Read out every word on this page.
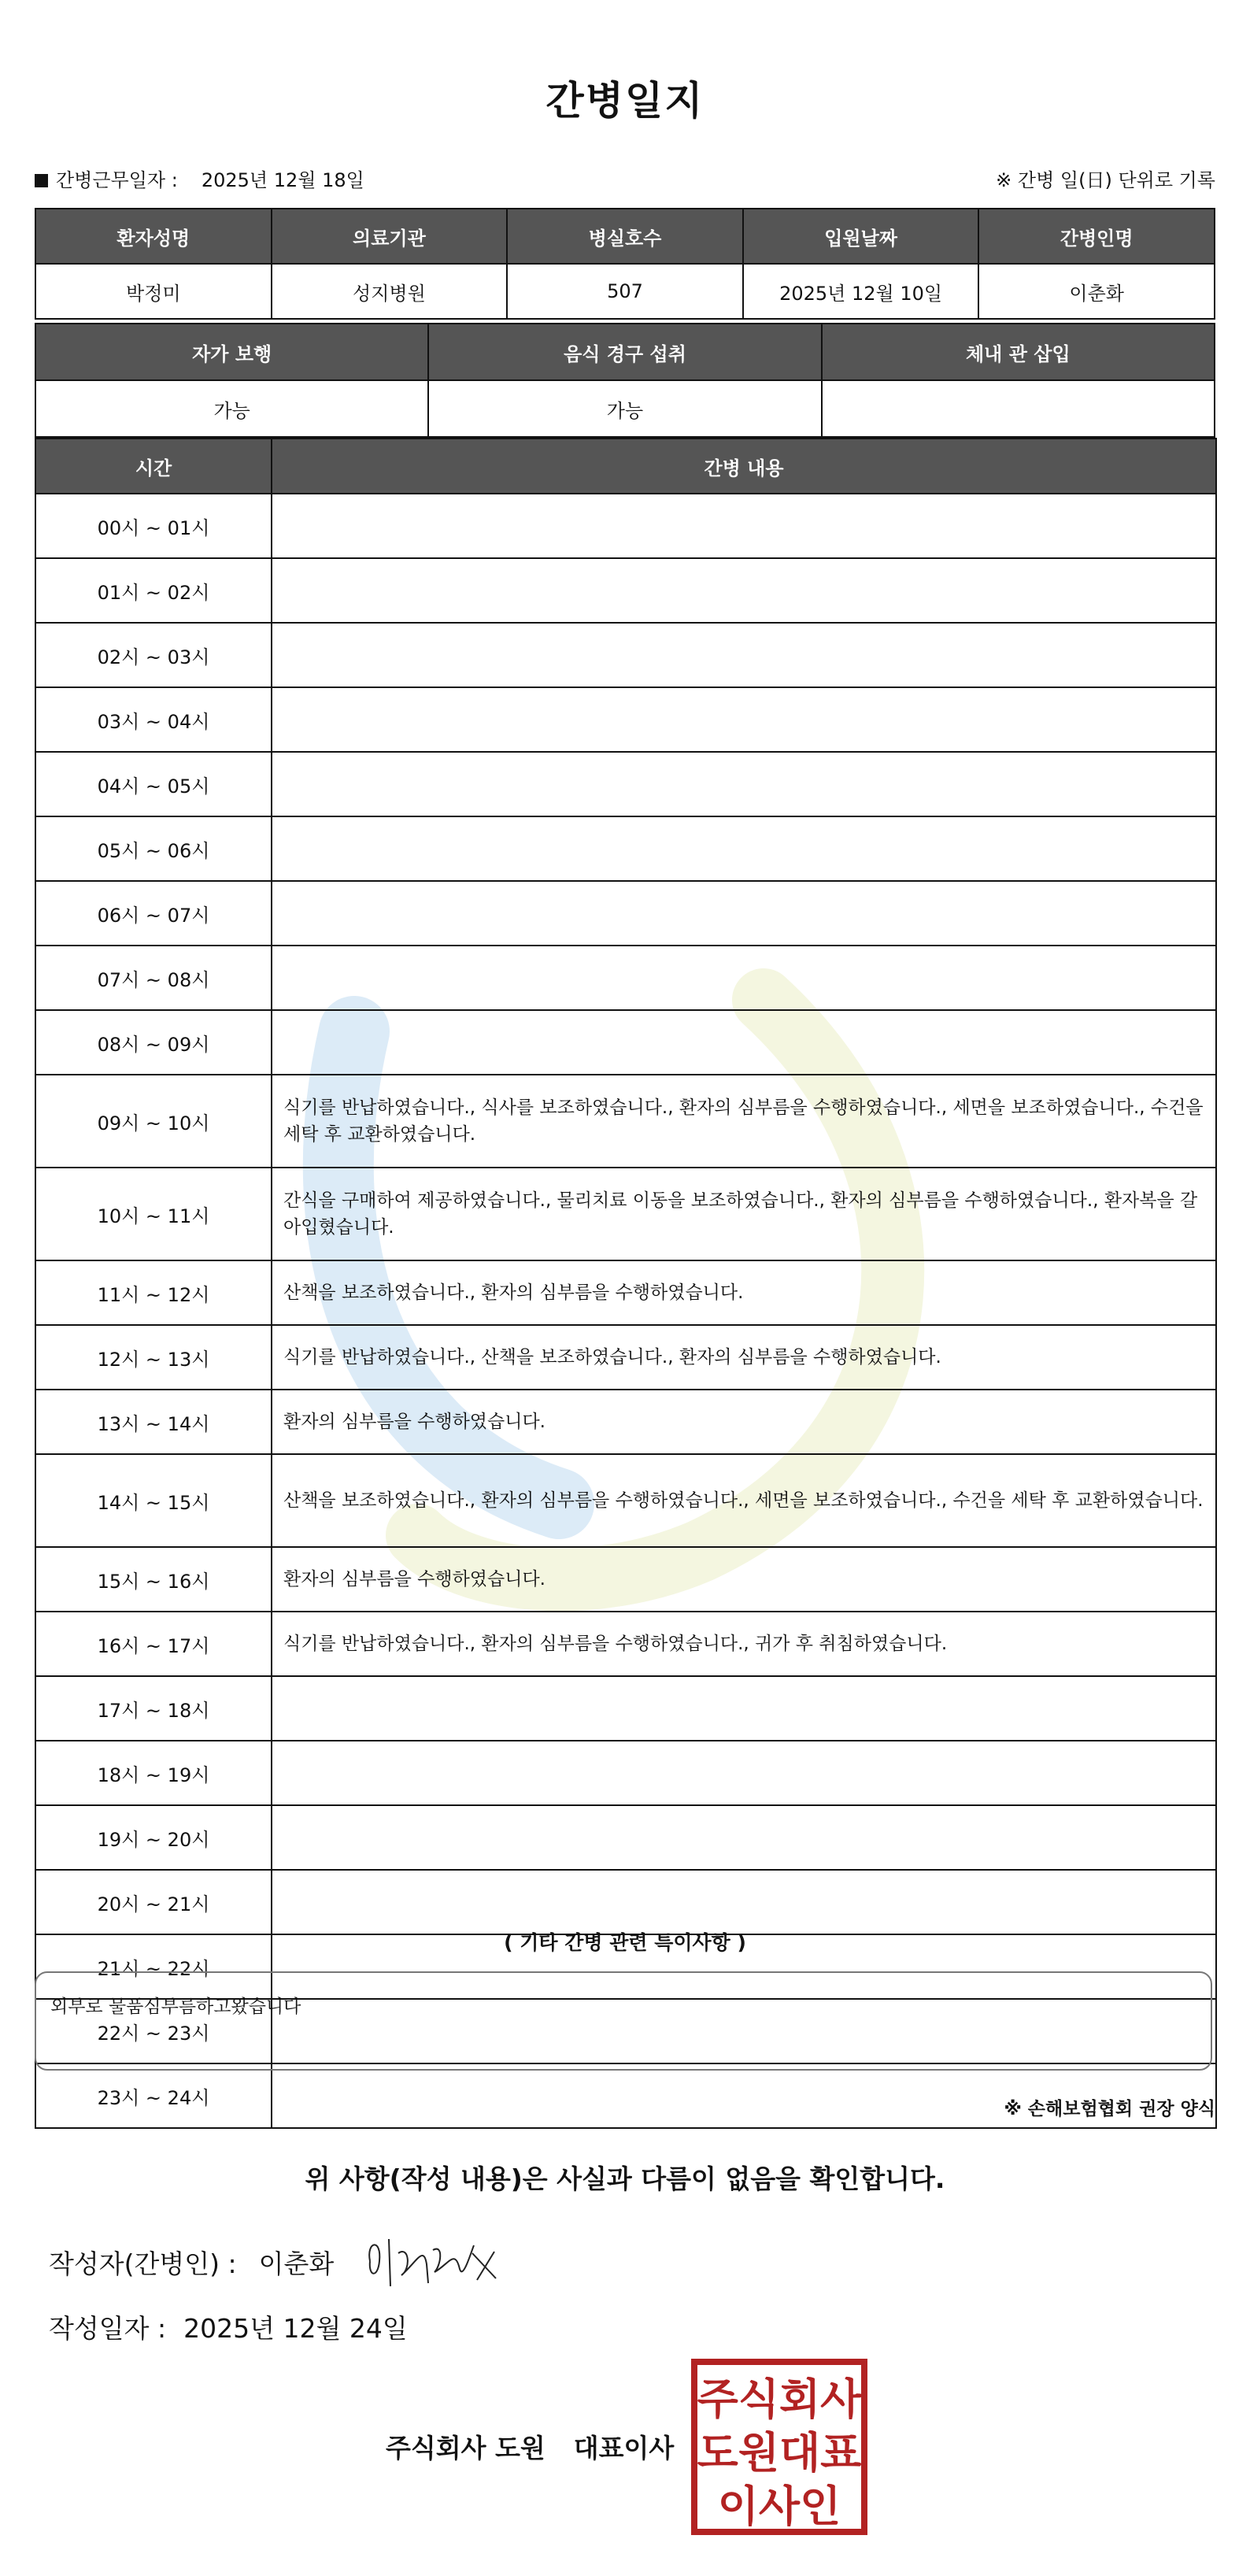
간병일지
간병근무일자 : 2025년 12월 18일	※ 간병 일(日) 단위로 기록
환자성명	의료기관	병실호수	입원날짜	간병인명
박정미	성지병원	507	2025년 12월 10일	이춘화
자가 보행	음식 경구 섭취	체내 관 삽입
가능	가능	
시간	간병 내용
00시 ~ 01시	
01시 ~ 02시	
02시 ~ 03시	
03시 ~ 04시	
04시 ~ 05시	
05시 ~ 06시	
06시 ~ 07시	
07시 ~ 08시	
08시 ~ 09시	
09시 ~ 10시	식기를 반납하였습니다., 식사를 보조하였습니다., 환자의 심부름을 수행하였습니다., 세면을 보조하였습니다., 수건을 세탁 후 교환하였습니다.
10시 ~ 11시	간식을 구매하여 제공하였습니다., 물리치료 이동을 보조하였습니다., 환자의 심부름을 수행하였습니다., 환자복을 갈아입혔습니다.
11시 ~ 12시	산책을 보조하였습니다., 환자의 심부름을 수행하였습니다.
12시 ~ 13시	식기를 반납하였습니다., 산책을 보조하였습니다., 환자의 심부름을 수행하였습니다.
13시 ~ 14시	환자의 심부름을 수행하였습니다.
14시 ~ 15시	산책을 보조하였습니다., 환자의 심부름을 수행하였습니다., 세면을 보조하였습니다., 수건을 세탁 후 교환하였습니다.
15시 ~ 16시	환자의 심부름을 수행하였습니다.
16시 ~ 17시	식기를 반납하였습니다., 환자의 심부름을 수행하였습니다., 귀가 후 취침하였습니다.
17시 ~ 18시	
18시 ~ 19시	
19시 ~ 20시	
20시 ~ 21시	
21시 ~ 22시	
22시 ~ 23시	
23시 ~ 24시	
( 기타 간병 관련 특이사항 )
외부로 물품심부름하고왔습니다
※ 손해보험협회 권장 양식
위 사항(작성 내용)은 사실과 다름이 없음을 확인합니다.
작성자(간병인) : 이춘화
작성일자 : 2025년 12월 24일
주식회사 도원 대표이사
주식회사
도원대표
이사인
